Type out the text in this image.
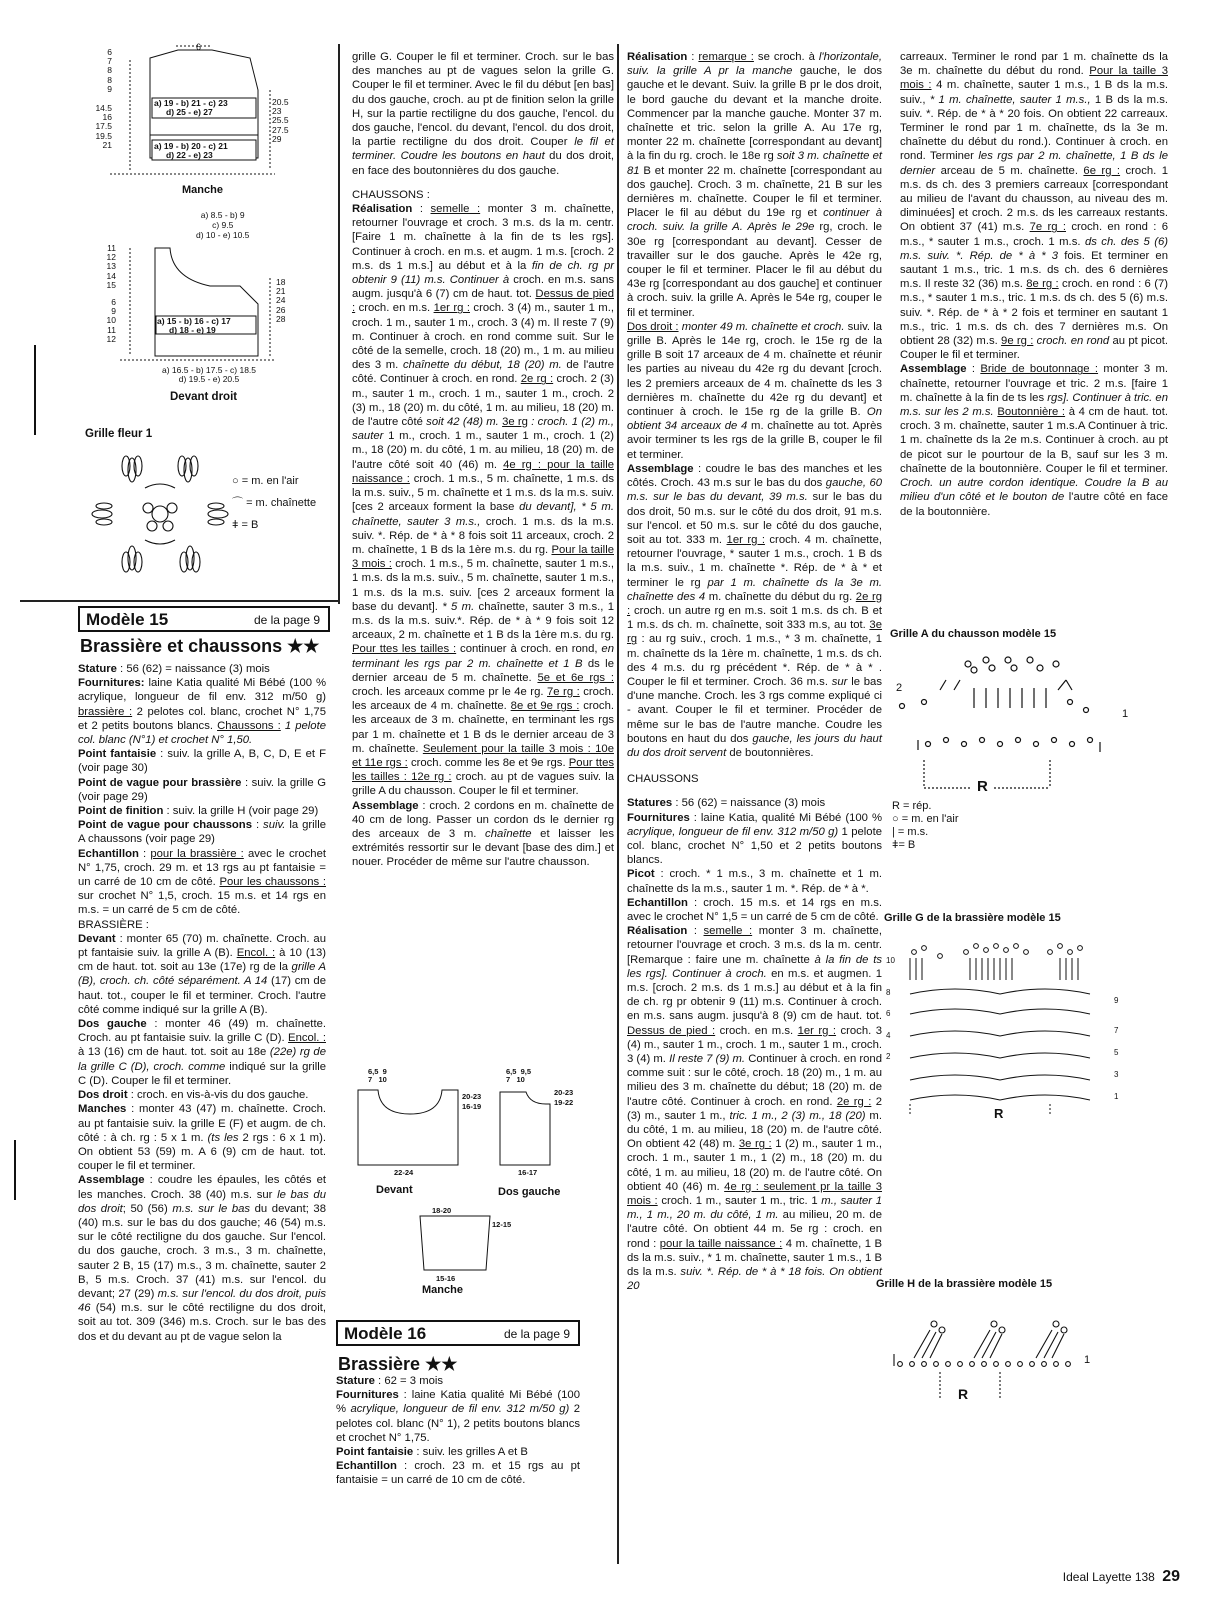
6
a) 19 - b) 21 - c) 23
d) 25 - e) 27
a) 19 - b) 20 - c) 21
d) 22 - e) 23
6
7
8
8
9
14.5
16
17.5
19.5
21
20.5
23
25.5
27.5
29
Manche
a) 8.5 - b) 9
c) 9.5
d) 10 - e) 10.5
a) 15 - b) 16 - c) 17
d) 18 - e) 19
11
12
13
14
15
6
9
10
11
12
18
21
24
26
28
a) 16.5 - b) 17.5 - c) 18.5
d) 19.5 - e) 20.5
Devant droit
Grille fleur 1
○ = m. en l'air
⌒ = m. chaînette
ǂ = B
Modèle 15	de la page 9
Brassière et chaussons ★★

Stature : 56 (62) = naissance (3) mois

Fournitures: laine Katia qualité Mi Bébé (100 % acrylique, longueur de fil env. 312 m/50 g) brassière : 2 pelotes col. blanc, crochet N° 1,75 et 2 petits boutons blancs. Chaussons : 1 pelote col. blanc (N°1) et crochet N° 1,50.

Point fantaisie : suiv. la grille A, B, C, D, E et F (voir page 30)

Point de vague pour brassière : suiv. la grille G (voir page 29)

Point de finition : suiv. la grille H (voir page 29)

Point de vague pour chaussons : suiv. la grille A chaussons (voir page 29)

Echantillon : pour la brassière : avec le crochet N° 1,75, croch. 29 m. et 13 rgs au pt fantaisie = un carré de 10 cm de côté. Pour les chaussons : sur crochet N° 1,5, croch. 15 m.s. et 14 rgs en m.s. = un carré de 5 cm de côté.

BRASSIÈRE :

Devant : monter 65 (70) m. chaînette. Croch. au pt fantaisie suiv. la grille A (B). Encol. : à 10 (13) cm de haut. tot. soit au 13e (17e) rg de la grille A (B), croch. ch. côté séparément. A 14 (17) cm de haut. tot., couper le fil et terminer. Croch. l'autre côté comme indiqué sur la grille A (B).

Dos gauche : monter 46 (49) m. chaînette. Croch. au pt fantaisie suiv. la grille C (D). Encol. : à 13 (16) cm de haut. tot. soit au 18e (22e) rg de la grille C (D), croch. comme indiqué sur la grille C (D). Couper le fil et terminer.

Dos droit : croch. en vis-à-vis du dos gauche.

Manches : monter 43 (47) m. chaînette. Croch. au pt fantaisie suiv. la grille E (F) et augm. de ch. côté : à ch. rg : 5 x 1 m. (ts les 2 rgs : 6 x 1 m). On obtient 53 (59) m. A 6 (9) cm de haut. tot. couper le fil et terminer.

Assemblage : coudre les épaules, les côtés et les manches. Croch. 38 (40) m.s. sur le bas du dos droit; 50 (56) m.s. sur le bas du devant; 38 (40) m.s. sur le bas du dos gauche; 46 (54) m.s. sur le côté rectiligne du dos gauche. Sur l'encol. du dos gauche, croch. 3 m.s., 3 m. chaînette, sauter 2 B, 15 (17) m.s., 3 m. chaînette, sauter 2 B, 5 m.s. Croch. 37 (41) m.s. sur l'encol. du devant; 27 (29) m.s. sur l'encol. du dos droit, puis 46 (54) m.s. sur le côté rectiligne du dos droit, soit au tot. 309 (346) m.s. Croch. sur le bas des dos et du devant au pt de vague selon la

grille G. Couper le fil et terminer. Croch. sur le bas des manches au pt de vagues selon la grille G. Couper le fil et terminer. Avec le fil du début [en bas] du dos gauche, croch. au pt de finition selon la grille H, sur la partie rectiligne du dos gauche, l'encol. du dos gauche, l'encol. du devant, l'encol. du dos droit, la partie rectiligne du dos droit. Couper le fil et terminer. Coudre les boutons en haut du dos droit, en face des boutonnières du dos gauche.

CHAUSSONS :

Réalisation : semelle : monter 3 m. chaînette, retourner l'ouvrage et croch. 3 m.s. ds la m. centr. [Faire 1 m. chaînette à la fin de ts les rgs]. Continuer à croch. en m.s. et augm. 1 m.s. [croch. 2 m.s. ds 1 m.s.] au début et à la fin de ch. rg pr obtenir 9 (11) m.s. Continuer à croch. en m.s. sans augm. jusqu'à 6 (7) cm de haut. tot. Dessus de pied : croch. en m.s. 1er rg : croch. 3 (4) m., sauter 1 m., croch. 1 m., sauter 1 m., croch. 3 (4) m. Il reste 7 (9) m. Continuer à croch. en rond comme suit. Sur le côté de la semelle, croch. 18 (20) m., 1 m. au milieu des 3 m. chaînette du début, 18 (20) m. de l'autre côté. Continuer à croch. en rond. 2e rg : croch. 2 (3) m., sauter 1 m., croch. 1 m., sauter 1 m., croch. 2 (3) m., 18 (20) m. du côté, 1 m. au milieu, 18 (20) m. de l'autre côté soit 42 (48) m. 3e rg : croch. 1 (2) m., sauter 1 m., croch. 1 m., sauter 1 m., croch. 1 (2) m., 18 (20) m. du côté, 1 m. au milieu, 18 (20) m. de l'autre côté soit 40 (46) m. 4e rg : pour la taille naissance : croch. 1 m.s., 5 m. chaînette, 1 m.s. ds la m.s. suiv., 5 m. chaînette et 1 m.s. ds la m.s. suiv. [ces 2 arceaux forment la base du devant], * 5 m. chaînette, sauter 3 m.s., croch. 1 m.s. ds la m.s. suiv. *. Rép. de * à * 8 fois soit 11 arceaux, croch. 2 m. chaînette, 1 B ds la 1ère m.s. du rg. Pour la taille 3 mois : croch. 1 m.s., 5 m. chaînette, sauter 1 m.s., 1 m.s. ds la m.s. suiv., 5 m. chaînette, sauter 1 m.s., 1 m.s. ds la m.s. suiv. [ces 2 arceaux forment la base du devant]. * 5 m. chaînette, sauter 3 m.s., 1 m.s. ds la m.s. suiv.*. Rép. de * à * 9 fois soit 12 arceaux, 2 m. chaînette et 1 B ds la 1ère m.s. du rg. Pour ttes les tailles : continuer à croch. en rond, en terminant les rgs par 2 m. chaînette et 1 B ds le dernier arceau de 5 m. chaînette. 5e et 6e rgs : croch. les arceaux comme pr le 4e rg. 7e rg : croch. les arceaux de 4 m. chaînette. 8e et 9e rgs : croch. les arceaux de 3 m. chaînette, en terminant les rgs par 1 m. chaînette et 1 B ds le dernier arceau de 3 m. chaînette. Seulement pour la taille 3 mois : 10e et 11e rgs : croch. comme les 8e et 9e rgs. Pour ttes les tailles : 12e rg : croch. au pt de vagues suiv. la grille A du chausson. Couper le fil et terminer.

Assemblage : croch. 2 cordons en m. chaînette de 40 cm de long. Passer un cordon ds le dernier rg des arceaux de 3 m. chaînette et laisser les extrémités ressortir sur le devant [base des dim.] et nouer. Procéder de même sur l'autre chausson.

6,5 9
7 10
20-23
16-19
22-24
Devant
6,5 9,5
7 10
20-23
19-22
16-17
Dos gauche
18-20
12-15
15-16
Manche
Modèle 16	de la page 9
Brassière ★★

Stature : 62 = 3 mois

Fournitures : laine Katia qualité Mi Bébé (100 % acrylique, longueur de fil env. 312 m/50 g) 2 pelotes col. blanc (N° 1), 2 petits boutons blancs et crochet N° 1,75.

Point fantaisie : suiv. les grilles A et B

Echantillon : croch. 23 m. et 15 rgs au pt fantaisie = un carré de 10 cm de côté.

Réalisation : remarque : se croch. à l'horizontale, suiv. la grille A pr la manche gauche, le dos gauche et le devant. Suiv. la grille B pr le dos droit, le bord gauche du devant et la manche droite. Commencer par la manche gauche. Monter 37 m. chaînette et tric. selon la grille A. Au 17e rg, monter 22 m. chaînette [correspondant au devant] à la fin du rg. croch. le 18e rg soit 3 m. chaînette et 81 B et monter 22 m. chaînette [correspondant au dos gauche]. Croch. 3 m. chaînette, 21 B sur les dernières m. chaînette. Couper le fil et terminer. Placer le fil au début du 19e rg et continuer à croch. suiv. la grille A. Après le 29e rg, croch. le 30e rg [correspondant au devant]. Cesser de travailler sur le dos gauche. Après le 42e rg, couper le fil et terminer. Placer le fil au début du 43e rg [correspondant au dos gauche] et continuer à croch. suiv. la grille A. Après le 54e rg, couper le fil et terminer.

Dos droit : monter 49 m. chaînette et croch. suiv. la grille B. Après le 14e rg, croch. le 15e rg de la grille B soit 17 arceaux de 4 m. chaînette et réunir les parties au niveau du 42e rg du devant [croch. les 2 premiers arceaux de 4 m. chaînette ds les 3 dernières m. chaînette du 42e rg du devant] et continuer à croch. le 15e rg de la grille B. On obtient 34 arceaux de 4 m. chaînette au tot. Après avoir terminer ts les rgs de la grille B, couper le fil et terminer.

Assemblage : coudre le bas des manches et les côtés. Croch. 43 m.s sur le bas du dos gauche, 60 m.s. sur le bas du devant, 39 m.s. sur le bas du dos droit, 50 m.s. sur le côté du dos droit, 91 m.s. sur l'encol. et 50 m.s. sur le côté du dos gauche, soit au tot. 333 m. 1er rg : croch. 4 m. chaînette, retourner l'ouvrage, * sauter 1 m.s., croch. 1 B ds la m.s. suiv., 1 m. chaînette *. Rép. de * à * et terminer le rg par 1 m. chaînette ds la 3e m. chaînette des 4 m. chaînette du début du rg. 2e rg : croch. un autre rg en m.s. soit 1 m.s. ds ch. B et 1 m.s. ds ch. m. chaînette, soit 333 m.s, au tot. 3e rg : au rg suiv., croch. 1 m.s., * 3 m. chaînette, 1 m. chaînette ds la 1ère m. chaînette, 1 m.s. ds ch. des 4 m.s. du rg précédent *. Rép. de * à * . Couper le fil et terminer. Croch. 36 m.s. sur le bas d'une manche. Croch. les 3 rgs comme expliqué ci - avant. Couper le fil et terminer. Procéder de même sur le bas de l'autre manche. Coudre les boutons en haut du dos gauche, les jours du haut du dos droit servent de boutonnières.

CHAUSSONS

Statures : 56 (62) = naissance (3) mois

Fournitures : laine Katia, qualité Mi Bébé (100 % acrylique, longueur de fil env. 312 m/50 g) 1 pelote col. blanc, crochet N° 1,50 et 2 petits boutons blancs.

Picot : croch. * 1 m.s., 3 m. chaînette et 1 m. chaînette ds la m.s., sauter 1 m. *. Rép. de * à *.

Echantillon : croch. 15 m.s. et 14 rgs en m.s. avec le crochet N° 1,5 = un carré de 5 cm de côté.

Réalisation : semelle : monter 3 m. chaînette, retourner l'ouvrage et croch. 3 m.s. ds la m. centr. [Remarque : faire une m. chaînette à la fin de ts les rgs]. Continuer à croch. en m.s. et augmen. 1 m.s. [croch. 2 m.s. ds 1 m.s.] au début et à la fin de ch. rg pr obtenir 9 (11) m.s. Continuer à croch. en m.s. sans augm. jusqu'à 8 (9) cm de haut. tot. Dessus de pied : croch. en m.s. 1er rg : croch. 3 (4) m., sauter 1 m., croch. 1 m., sauter 1 m., croch. 3 (4) m. Il reste 7 (9) m. Continuer à croch. en rond comme suit : sur le côté, croch. 18 (20) m., 1 m. au milieu des 3 m. chaînette du début; 18 (20) m. de l'autre côté. Continuer à croch. en rond. 2e rg : 2 (3) m., sauter 1 m., tric. 1 m., 2 (3) m., 18 (20) m. du côté, 1 m. au milieu, 18 (20) m. de l'autre côté. On obtient 42 (48) m. 3e rg : 1 (2) m., sauter 1 m., croch. 1 m., sauter 1 m., 1 (2) m., 18 (20) m. du côté, 1 m. au milieu, 18 (20) m. de l'autre côté. On obtient 40 (46) m. 4e rg : seulement pr la taille 3 mois : croch. 1 m., sauter 1 m., tric. 1 m., sauter 1 m., 1 m., 20 m. du côté, 1 m. au milieu, 20 m. de l'autre côté. On obtient 44 m. 5e rg : croch. en rond : pour la taille naissance : 4 m. chaînette, 1 B ds la m.s. suiv., * 1 m. chaînette, sauter 1 m.s., 1 B ds la m.s. suiv. *. Rép. de * à * 18 fois. On obtient 20

carreaux. Terminer le rond par 1 m. chaînette ds la 3e m. chaînette du début du rond. Pour la taille 3 mois : 4 m. chaînette, sauter 1 m.s., 1 B ds la m.s. suiv., * 1 m. chaînette, sauter 1 m.s., 1 B ds la m.s. suiv. *. Rép. de * à * 20 fois. On obtient 22 carreaux. Terminer le rond par 1 m. chaînette, ds la 3e m. chaînette du début du rond.). Continuer à croch. en rond. Terminer les rgs par 2 m. chaînette, 1 B ds le dernier arceau de 5 m. chaînette. 6e rg : croch. 1 m.s. ds ch. des 3 premiers carreaux [correspondant au milieu de l'avant du chausson, au niveau des m. diminuées] et croch. 2 m.s. ds les carreaux restants. On obtient 37 (41) m.s. 7e rg : croch. en rond : 6 m.s., * sauter 1 m.s., croch. 1 m.s. ds ch. des 5 (6) m.s. suiv. *. Rép. de * à * 3 fois. Et terminer en sautant 1 m.s., tric. 1 m.s. ds ch. des 6 dernières m.s. Il reste 32 (36) m.s. 8e rg : croch. en rond : 6 (7) m.s., * sauter 1 m.s., tric. 1 m.s. ds ch. des 5 (6) m.s. suiv. *. Rép. de * à * 2 fois et terminer en sautant 1 m.s., tric. 1 m.s. ds ch. des 7 dernières m.s. On obtient 28 (32) m.s. 9e rg : croch. en rond au pt picot. Couper le fil et terminer.

Assemblage : Bride de boutonnage : monter 3 m. chaînette, retourner l'ouvrage et tric. 2 m.s. [faire 1 m. chaînette à la fin de ts les rgs]. Continuer à tric. en m.s. sur les 2 m.s. Boutonnière : à 4 cm de haut. tot. croch. 3 m. chaînette, sauter 1 m.s.A Continuer à tric. 1 m. chaînette ds la 2e m.s. Continuer à croch. au pt de picot sur le pourtour de la B, sauf sur les 3 m. chaînette de la boutonnière. Couper le fil et terminer. Croch. un autre cordon identique. Coudre la B au milieu d'un côté et le bouton de l'autre côté en face de la boutonnière.

Grille A du chausson modèle 15
2
1
R
R = rép.
○ = m. en l'air
| = m.s.
ǂ= B
Grille G de la brassière modèle 15
10
8
6
4
2
9
7
5
3
1
R
Grille H de la brassière modèle 15
1
R
Ideal Layette 138 29
